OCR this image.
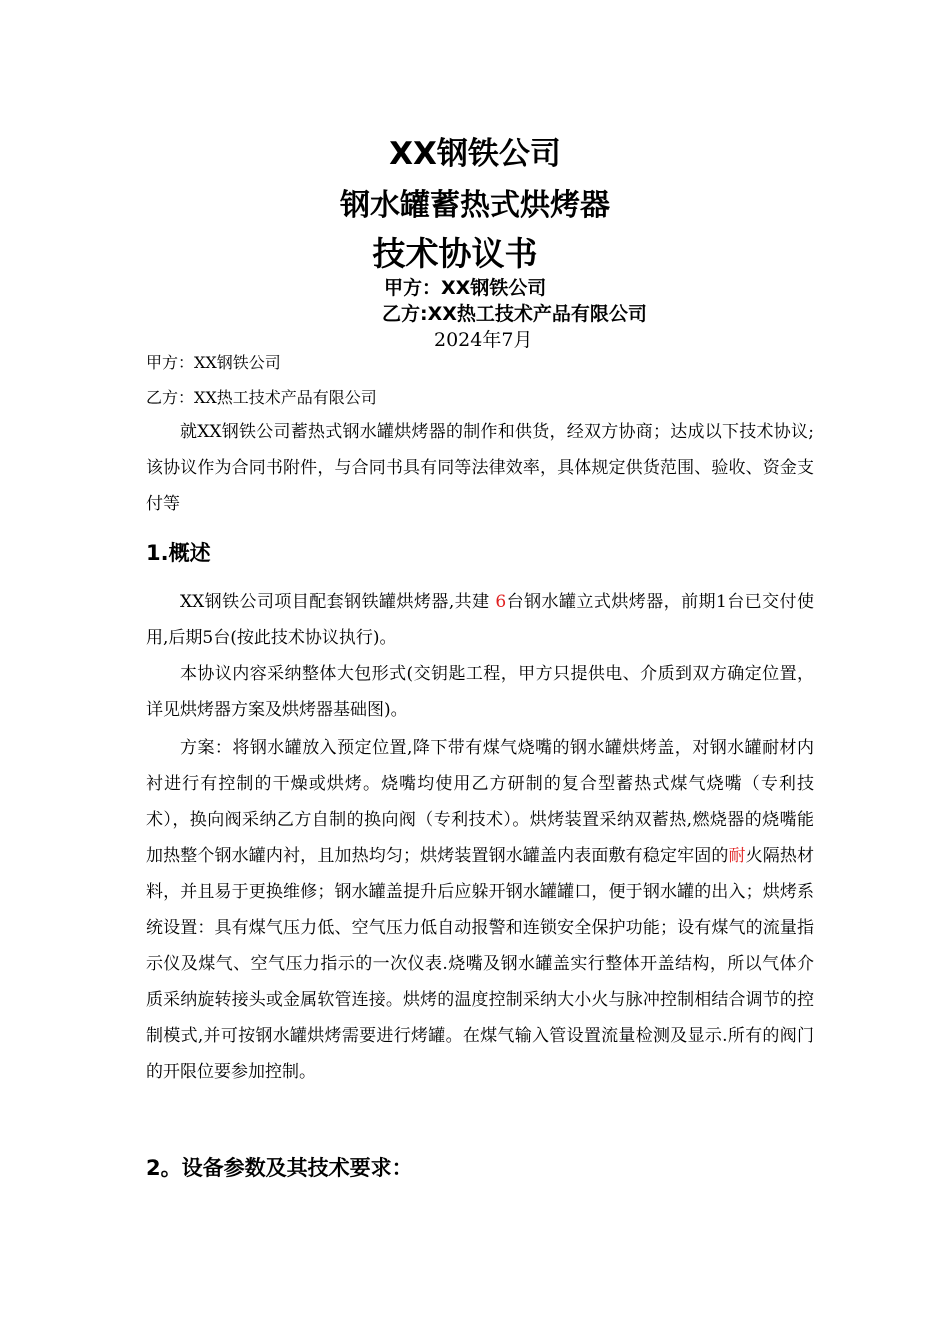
XX钢铁公司
钢水罐蓄热式烘烤器
技术协议书
甲方：XX钢铁公司
乙方:XX热工技术产品有限公司
2024年7月
甲方：XX钢铁公司
乙方：XX热工技术产品有限公司
就XX钢铁公司蓄热式钢水罐烘烤器的制作和供货，经双方协商；达成以下技术协议;该协议作为合同书附件，与合同书具有同等法律效率，具体规定供货范围、验收、资金支付等
1.概述
XX钢铁公司项目配套钢铁罐烘烤器,共建 6台钢水罐立式烘烤器，前期1台已交付使用,后期5台(按此技术协议执行)。
本协议内容采纳整体大包形式(交钥匙工程，甲方只提供电、介质到双方确定位置，详见烘烤器方案及烘烤器基础图)。
方案：将钢水罐放入预定位置,降下带有煤气烧嘴的钢水罐烘烤盖，对钢水罐耐材内衬进行有控制的干燥或烘烤。烧嘴均使用乙方研制的复合型蓄热式煤气烧嘴（专利技术），换向阀采纳乙方自制的换向阀（专利技术）。烘烤装置采纳双蓄热,燃烧器的烧嘴能加热整个钢水罐内衬，且加热均匀；烘烤装置钢水罐盖内表面敷有稳定牢固的耐火隔热材料，并且易于更换维修；钢水罐盖提升后应躲开钢水罐罐口，便于钢水罐的出入；烘烤系统设置：具有煤气压力低、空气压力低自动报警和连锁安全保护功能；设有煤气的流量指示仪及煤气、空气压力指示的一次仪表.烧嘴及钢水罐盖实行整体开盖结构，所以气体介质采纳旋转接头或金属软管连接。烘烤的温度控制采纳大小火与脉冲控制相结合调节的控制模式,并可按钢水罐烘烤需要进行烤罐。在煤气输入管设置流量检测及显示.所有的阀门的开限位要参加控制。
2。设备参数及其技术要求：
